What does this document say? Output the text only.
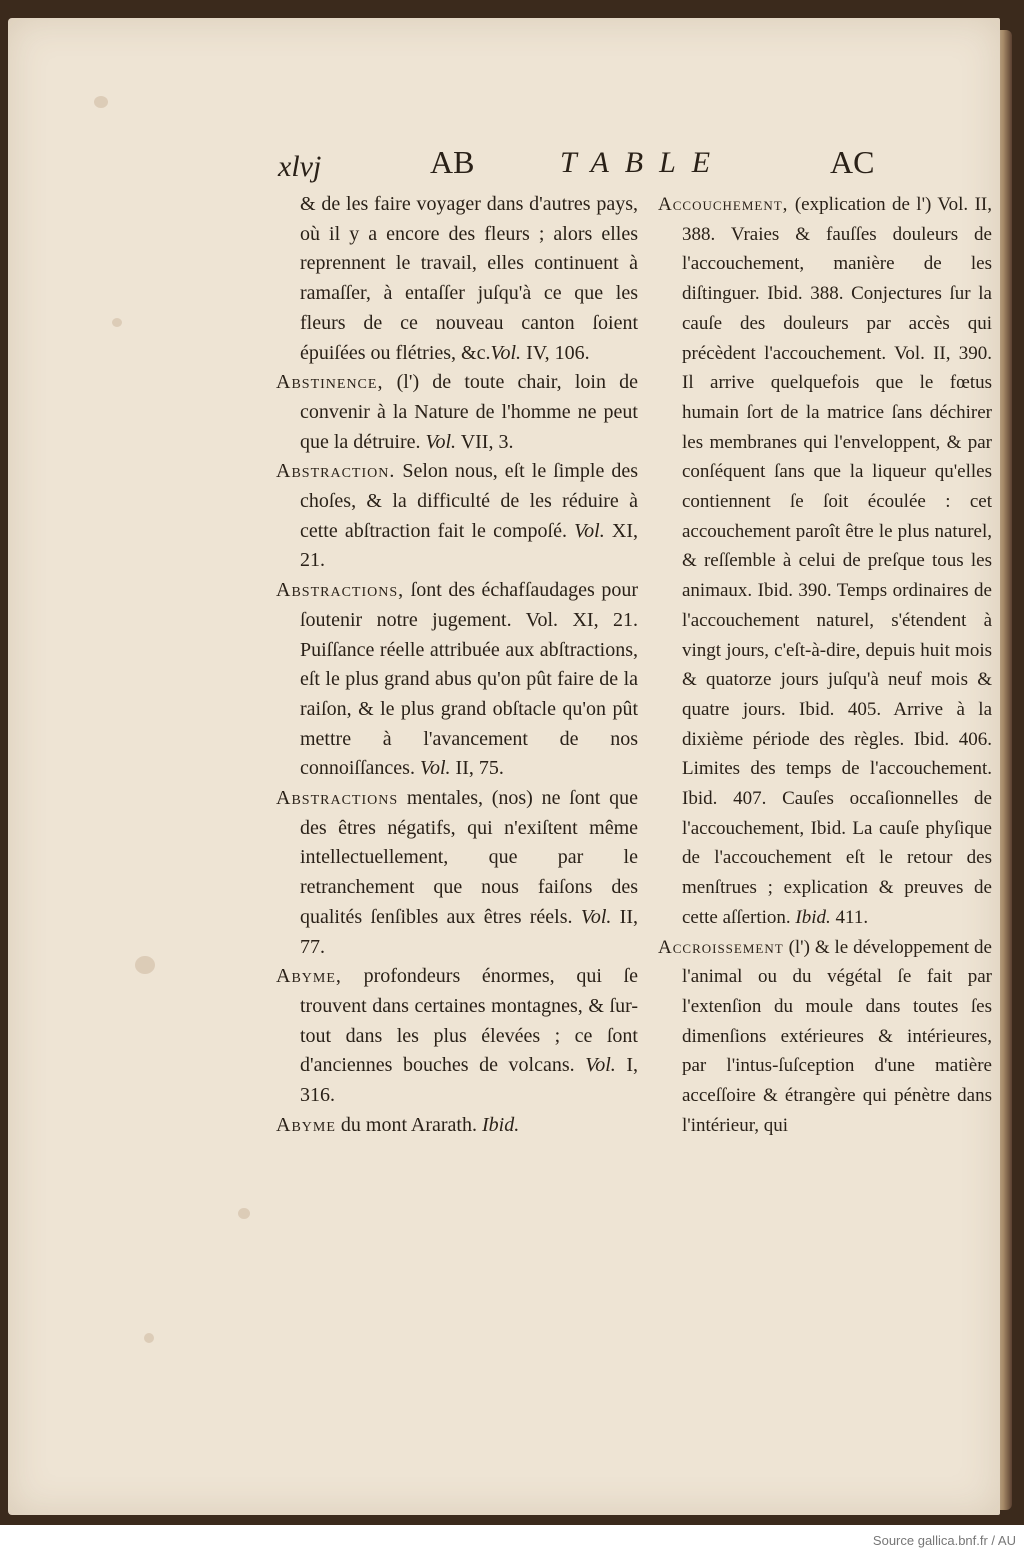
xlvj	AB	TABLE	AC

& de les faire voyager dans d'autres pays, où il y a encore des fleurs ; alors elles reprennent le travail, elles continuent à ramaſſer, à entaſſer juſqu'à ce que les fleurs de ce nouveau canton ſoient épuiſées ou flétries, &c.Vol. IV, 106.

Abstinence, (l') de toute chair, loin de convenir à la Nature de l'homme ne peut que la détruire. Vol. VII, 3.

Abstraction. Selon nous, eſt le ſimple des choſes, & la difficulté de les réduire à cette abſtraction fait le compoſé. Vol. XI, 21.

Abstractions, ſont des échafſaudages pour ſoutenir notre jugement. Vol. XI, 21. Puiſſance réelle attribuée aux abſtractions, eſt le plus grand abus qu'on pût faire de la raiſon, & le plus grand obſtacle qu'on pût mettre à l'avancement de nos connoiſſances. Vol. II, 75.

Abstractions mentales, (nos) ne ſont que des êtres négatifs, qui n'exiſtent même intellectuellement, que par le retranchement que nous faiſons des qualités ſenſibles aux êtres réels. Vol. II, 77.

Abyme, profondeurs énormes, qui ſe trouvent dans certaines montagnes, & ſur-tout dans les plus élevées ; ce ſont d'anciennes bouches de volcans. Vol. I, 316.

Abyme du mont Ararath. Ibid.

Accouchement, (explication de l') Vol. II, 388. Vraies & fauſſes douleurs de l'accouchement, manière de les diſtinguer. Ibid. 388. Conjectures ſur la cauſe des douleurs par accès qui précèdent l'accouchement. Vol. II, 390. Il arrive quelquefois que le fœtus humain ſort de la matrice ſans déchirer les membranes qui l'enveloppent, & par conſéquent ſans que la liqueur qu'elles contiennent ſe ſoit écoulée : cet accouchement paroît être le plus naturel, & reſſemble à celui de preſque tous les animaux. Ibid. 390. Temps ordinaires de l'accouchement naturel, s'étendent à vingt jours, c'eſt-à-dire, depuis huit mois & quatorze jours juſqu'à neuf mois & quatre jours. Ibid. 405. Arrive à la dixième période des règles. Ibid. 406. Limites des temps de l'accouchement. Ibid. 407. Cauſes occaſionnelles de l'accouchement, Ibid. La cauſe phyſique de l'accouchement eſt le retour des menſtrues ; explication & preuves de cette aſſertion. Ibid. 411.

Accroissement (l') & le développement de l'animal ou du végétal ſe fait par l'extenſion du moule dans toutes ſes dimenſions extérieures & intérieures, par l'intus-ſuſception d'une matière acceſſoire & étrangère qui pénètre dans l'intérieur, qui

Source gallica.bnf.fr / AU
